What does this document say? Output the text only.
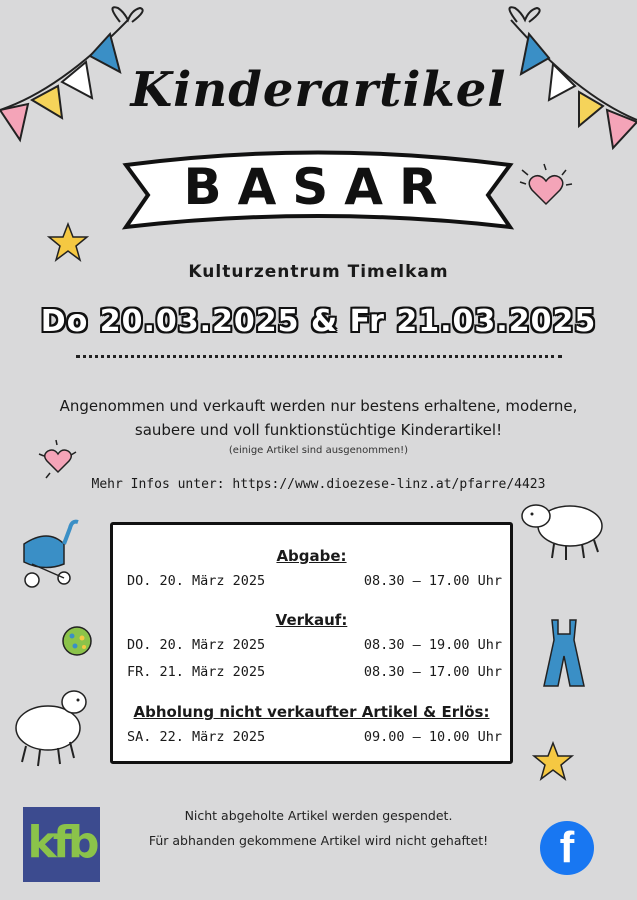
Kinderartikel
BASAR
Kulturzentrum Timelkam
Do 20.03.2025 & Fr 21.03.2025
Angenommen und verkauft werden nur bestens erhaltene, moderne,
saubere und voll funktionstüchtige Kinderartikel!
(einige Artikel sind ausgenommen!)
Mehr Infos unter: https://www.dioezese-linz.at/pfarre/4423
Abgabe:
DO. 20. März 2025	08.30 – 17.00 Uhr
Verkauf:
DO. 20. März 2025	08.30 – 19.00 Uhr
FR. 21. März 2025	08.30 – 17.00 Uhr
Abholung nicht verkaufter Artikel & Erlös:
SA. 22. März 2025	09.00 – 10.00 Uhr
Nicht abgeholte Artikel werden gespendet.
Für abhanden gekommene Artikel wird nicht gehaftet!
kfb	f
